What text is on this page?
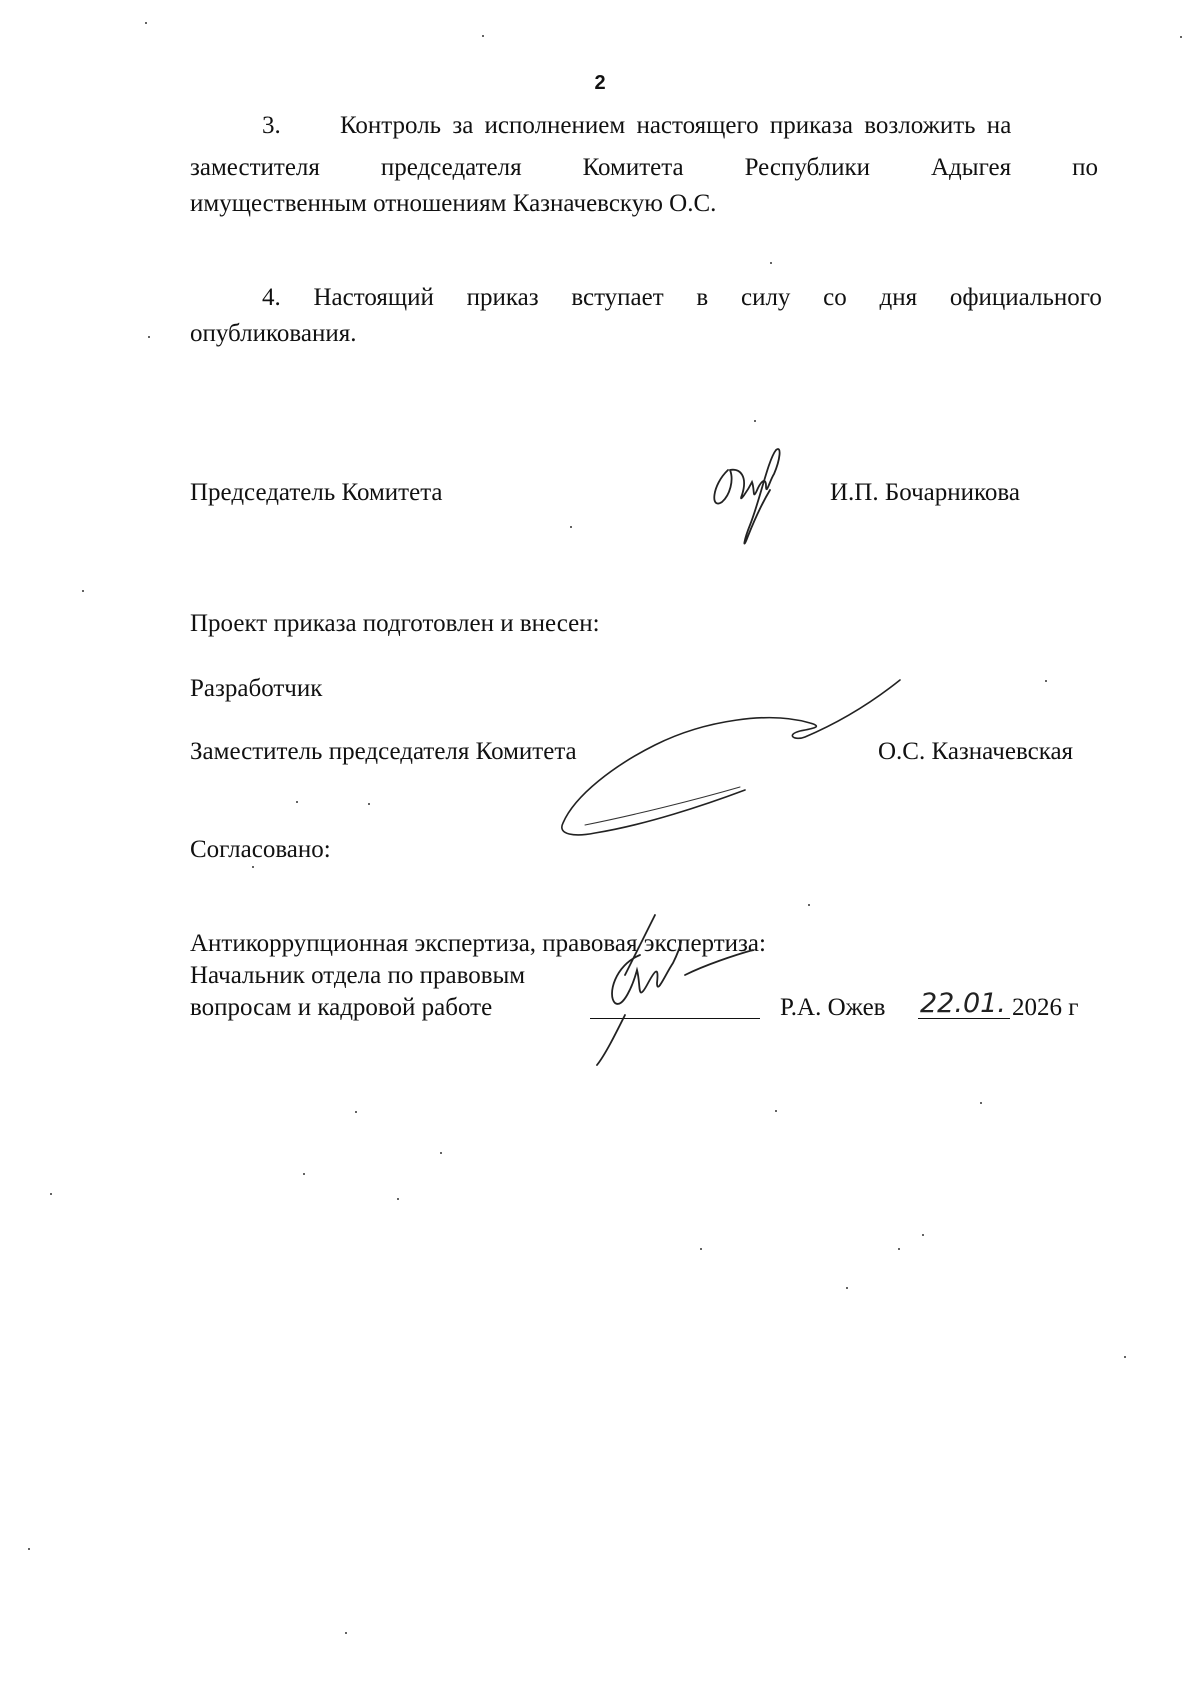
2
3. Контроль за исполнением настоящего приказа возложить на
заместителя председателя Комитета Республики Адыгея по
имущественным отношениям Казначевскую О.С.
4. Настоящий приказ вступает в силу со дня официального
опубликования.
Председатель Комитета	И.П. Бочарникова
Проект приказа подготовлен и внесен:
Разработчик
Заместитель председателя Комитета	О.С. Казначевская
Согласовано:
Антикоррупционная экспертиза, правовая экспертиза:
Начальник отдела по правовым
вопросам и кадровой работе	Р.А. Ожев 22.01. 2026 г
